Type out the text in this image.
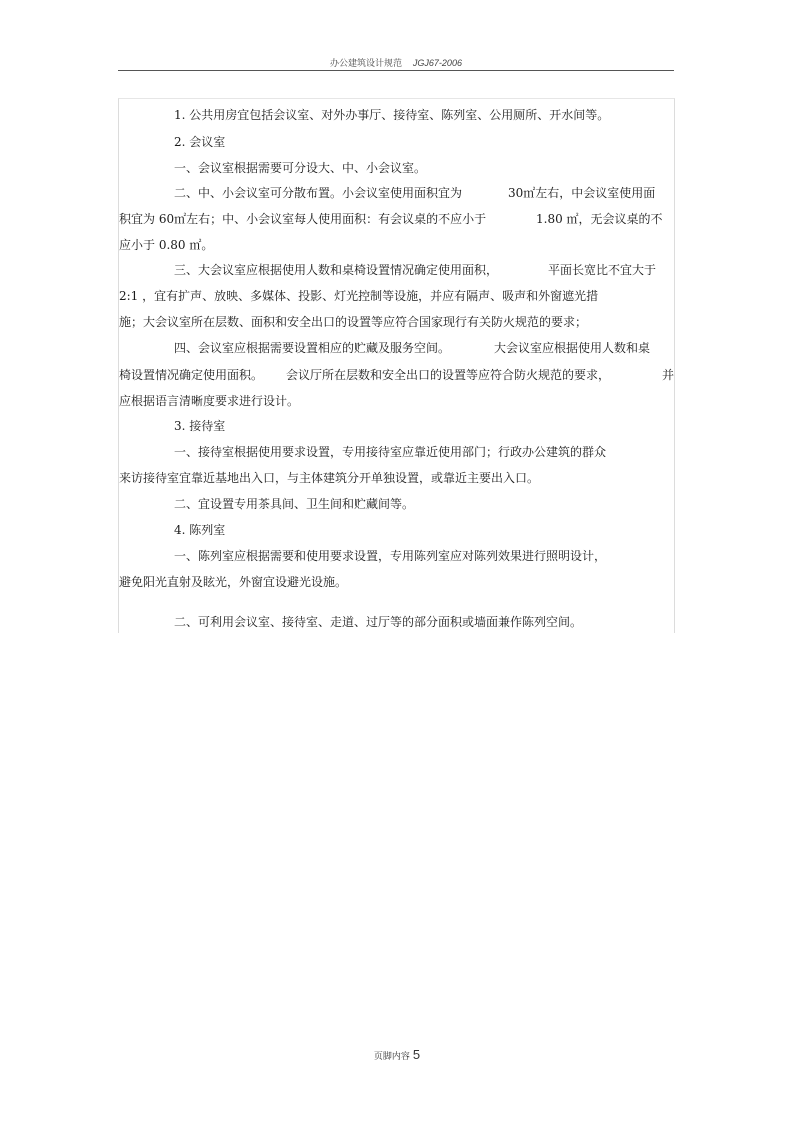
办公建筑设计规范 JGJ67-2006
1. 公共用房宜包括会议室、对外办事厅、接待室、陈列室、公用厕所、开水间等。
2. 会议室
一、会议室根据需要可分设大、中、小会议室。
二、中、小会议室可分散布置。小会议室使用面积宜为	30㎡左右，中会议室使用面
积宜为 60㎡左右；中、小会议室每人使用面积：有会议桌的不应小于	1.80 ㎡，无会议桌的不
应小于 0.80 ㎡。
三、大会议室应根据使用人数和桌椅设置情况确定使用面积，	平面长宽比不宜大于
2:1 ，宜有扩声、放映、多媒体、投影、灯光控制等设施，并应有隔声、吸声和外窗遮光措
施；大会议室所在层数、面积和安全出口的设置等应符合国家现行有关防火规范的要求；
四、会议室应根据需要设置相应的贮藏及服务空间。	大会议室应根据使用人数和桌
椅设置情况确定使用面积。 会议厅所在层数和安全出口的设置等应符合防火规范的要求，	并
应根据语言清晰度要求进行设计。
3. 接待室
一、接待室根据使用要求设置，专用接待室应靠近使用部门；行政办公建筑的群众
来访接待室宜靠近基地出入口，与主体建筑分开单独设置，或靠近主要出入口。
二、宜设置专用茶具间、卫生间和贮藏间等。
4. 陈列室
一、陈列室应根据需要和使用要求设置，专用陈列室应对陈列效果进行照明设计，
避免阳光直射及眩光，外窗宜设避光设施。
二、可利用会议室、接待室、走道、过厅等的部分面积或墙面兼作陈列空间。
页脚内容 5
